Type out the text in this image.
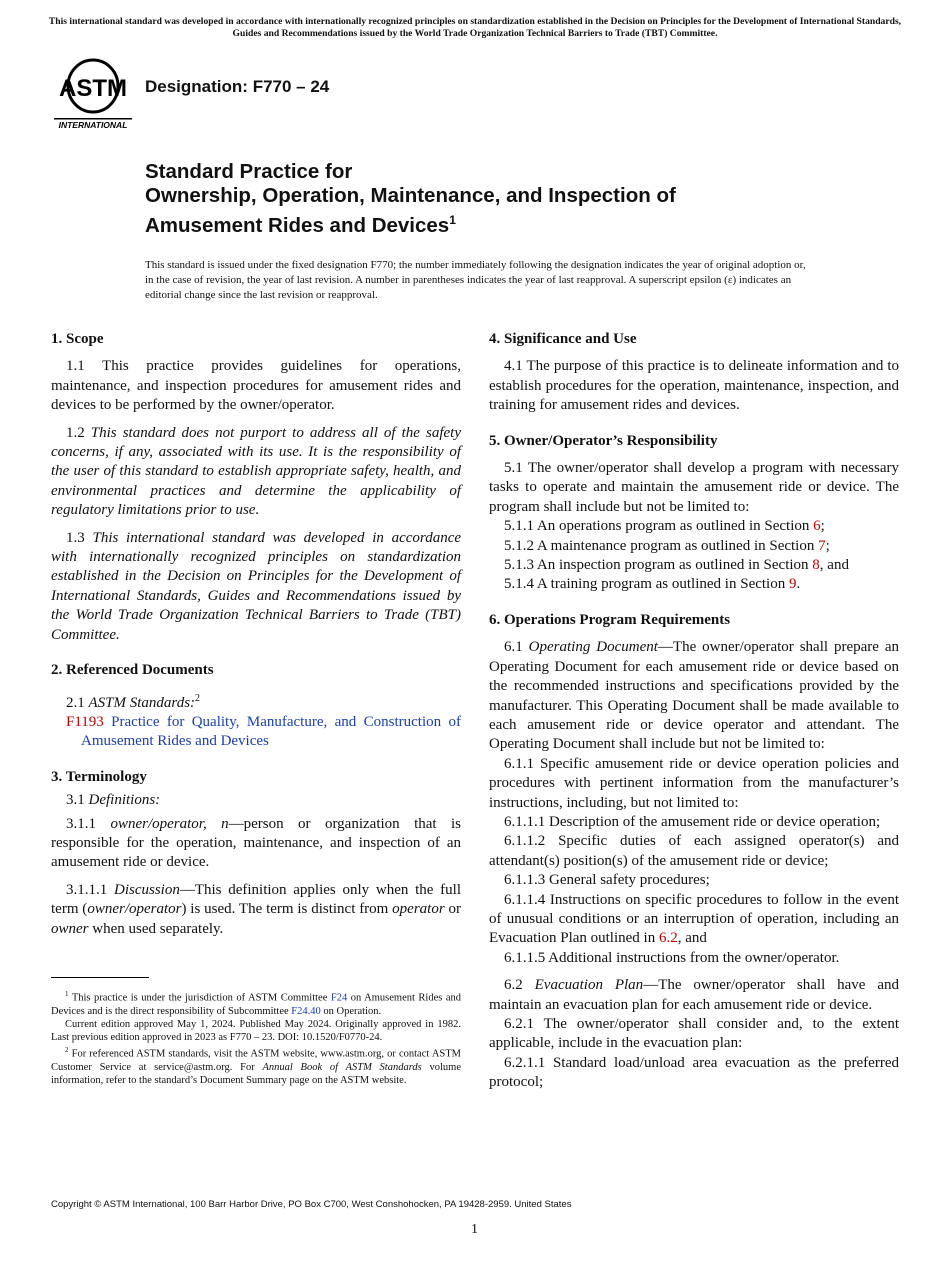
This international standard was developed in accordance with internationally recognized principles on standardization established in the Decision on Principles for the Development of International Standards, Guides and Recommendations issued by the World Trade Organization Technical Barriers to Trade (TBT) Committee.
ASTM
INTERNATIONAL
Designation: F770 – 24
Standard Practice for
Ownership, Operation, Maintenance, and Inspection of
Amusement Rides and Devices$^1$
This standard is issued under the fixed designation F770; the number immediately following the designation indicates the year of original adoption or, in the case of revision, the year of last revision. A number in parentheses indicates the year of last reapproval. A superscript epsilon (ε) indicates an editorial change since the last revision or reapproval.
1. Scope

1.1 This practice provides guidelines for operations, maintenance, and inspection procedures for amusement rides and devices to be performed by the owner/operator.

1.2 This standard does not purport to address all of the safety concerns, if any, associated with its use. It is the responsibility of the user of this standard to establish appropriate safety, health, and environmental practices and determine the applicability of regulatory limitations prior to use.

1.3 This international standard was developed in accordance with internationally recognized principles on standardization established in the Decision on Principles for the Development of International Standards, Guides and Recommendations issued by the World Trade Organization Technical Barriers to Trade (TBT) Committee.

2. Referenced Documents

2.1 ASTM Standards:$^2$

F1193 Practice for Quality, Manufacture, and Construction of Amusement Rides and Devices

3. Terminology

3.1 Definitions:

3.1.1 owner/operator, n—person or organization that is responsible for the operation, maintenance, and inspection of an amusement ride or device.

3.1.1.1 Discussion—This definition applies only when the full term (owner/operator) is used. The term is distinct from operator or owner when used separately.

$^1$ This practice is under the jurisdiction of ASTM Committee F24 on Amusement Rides and Devices and is the direct responsibility of Subcommittee F24.40 on Operation.

Current edition approved May 1, 2024. Published May 2024. Originally approved in 1982. Last previous edition approved in 2023 as F770 – 23. DOI: 10.1520/F0770-24.

$^2$ For referenced ASTM standards, visit the ASTM website, www.astm.org, or contact ASTM Customer Service at service@astm.org. For Annual Book of ASTM Standards volume information, refer to the standard’s Document Summary page on the ASTM website.

4. Significance and Use

4.1 The purpose of this practice is to delineate information and to establish procedures for the operation, maintenance, inspection, and training for amusement rides and devices.

5. Owner/Operator’s Responsibility

5.1 The owner/operator shall develop a program with necessary tasks to operate and maintain the amusement ride or device. The program shall include but not be limited to:

5.1.1 An operations program as outlined in Section 6;

5.1.2 A maintenance program as outlined in Section 7;

5.1.3 An inspection program as outlined in Section 8, and

5.1.4 A training program as outlined in Section 9.

6. Operations Program Requirements

6.1 Operating Document—The owner/operator shall prepare an Operating Document for each amusement ride or device based on the recommended instructions and specifications provided by the manufacturer. This Operating Document shall be made available to each amusement ride or device operator and attendant. The Operating Document shall include but not be limited to:

6.1.1 Specific amusement ride or device operation policies and procedures with pertinent information from the manufacturer’s instructions, including, but not limited to:

6.1.1.1 Description of the amusement ride or device operation;

6.1.1.2 Specific duties of each assigned operator(s) and attendant(s) position(s) of the amusement ride or device;

6.1.1.3 General safety procedures;

6.1.1.4 Instructions on specific procedures to follow in the event of unusual conditions or an interruption of operation, including an Evacuation Plan outlined in 6.2, and

6.1.1.5 Additional instructions from the owner/operator.

6.2 Evacuation Plan—The owner/operator shall have and maintain an evacuation plan for each amusement ride or device.

6.2.1 The owner/operator shall consider and, to the extent applicable, include in the evacuation plan:

6.2.1.1 Standard load/unload area evacuation as the preferred protocol;

Copyright © ASTM International, 100 Barr Harbor Drive, PO Box C700, West Conshohocken, PA 19428-2959. United States
1
